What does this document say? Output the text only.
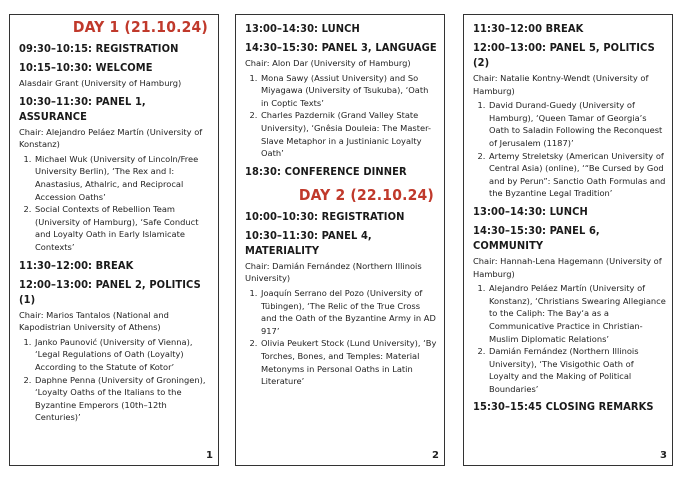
DAY 1 (21.10.24)
09:30–10:15: REGISTRATION
10:15–10:30: WELCOME

Alasdair Grant (University of Hamburg)

10:30–11:30: PANEL 1, ASSURANCE

Chair: Alejandro Peláez Martín (University of Konstanz)

1. Michael Wuk (University of Lincoln/Free University Berlin), ‘The Rex and I: Anastasius, Athalric, and Reciprocal Accession Oaths’
2. Social Contexts of Rebellion Team (University of Hamburg), ‘Safe Conduct and Loyalty Oath in Early Islamicate Contexts’
11:30–12:00: BREAK
12:00–13:00: PANEL 2, POLITICS (1)

Chair: Marios Tantalos (National and Kapodistrian University of Athens)

1. Janko Paunović (University of Vienna), ‘Legal Regulations of Oath (Loyalty) According to the Statute of Kotor’
2. Daphne Penna (University of Groningen), ‘Loyalty Oaths of the Italians to the Byzantine Emperors (10th–12th Centuries)’
1
13:00–14:30: LUNCH
14:30–15:30: PANEL 3, LANGUAGE

Chair: Alon Dar (University of Hamburg)

1. Mona Sawy (Assiut University) and So Miyagawa (University of Tsukuba), ‘Oath in Coptic Texts’
2. Charles Pazdernik (Grand Valley State University), ‘Gnêsia Douleia: The Master-Slave Metaphor in a Justinianic Loyalty Oath’
18:30: CONFERENCE DINNER
DAY 2 (22.10.24)
10:00–10:30: REGISTRATION
10:30–11:30: PANEL 4, MATERIALITY

Chair: Damián Fernández (Northern Illinois University)

1. Joaquín Serrano del Pozo (University of Tübingen), ‘The Relic of the True Cross and the Oath of the Byzantine Army in AD 917’
2. Olivia Peukert Stock (Lund University), ‘By Torches, Bones, and Temples: Material Metonyms in Personal Oaths in Latin Literature’
2
11:30–12:00 BREAK
12:00–13:00: PANEL 5, POLITICS (2)

Chair: Natalie Kontny-Wendt (University of Hamburg)

1. David Durand-Guedy (University of Hamburg), ‘Queen Tamar of Georgia’s Oath to Saladin Following the Reconquest of Jerusalem (1187)’
2. Artemy Streletsky (American University of Central Asia) (online), ‘“Be Cursed by God and by Perun”: Sanctio Oath Formulas and the Byzantine Legal Tradition’
13:00–14:30: LUNCH
14:30–15:30: PANEL 6, COMMUNITY

Chair: Hannah-Lena Hagemann (University of Hamburg)

1. Alejandro Peláez Martín (University of Konstanz), ‘Christians Swearing Allegiance to the Caliph: The Bay‘a as a Communicative Practice in Christian-Muslim Diplomatic Relations’
2. Damián Fernández (Northern Illinois University), ‘The Visigothic Oath of Loyalty and the Making of Political Boundaries’
15:30–15:45 CLOSING REMARKS
3
